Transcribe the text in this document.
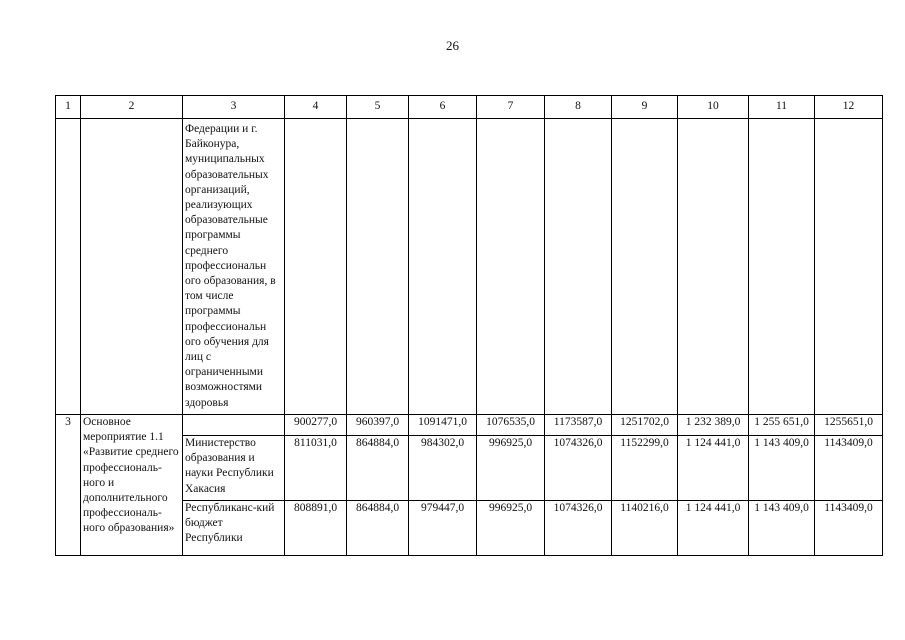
26
1	2	3	4	5	6	7	8	9	10	11	12
		Федерации и г. Байконура, муниципальных образовательных организаций, реализующих образовательные программы среднего профессиональн ого образования, в том числе программы профессиональн ого обучения для лиц с ограниченными возможностями здоровья									
3	Основное мероприятие 1.1 «Развитие среднего профессиональ-ного и дополнительного профессиональ-ного образования»		900277,0	960397,0	1091471,0	1076535,0	1173587,0	1251702,0	1 232 389,0	1 255 651,0	1255651,0
		Министерство образования и науки Республики Хакасия	811031,0	864884,0	984302,0	996925,0	1074326,0	1152299,0	1 124 441,0	1 143 409,0	1143409,0
		Республиканс-кий бюджет Республики	808891,0	864884,0	979447,0	996925,0	1074326,0	1140216,0	1 124 441,0	1 143 409,0	1143409,0
